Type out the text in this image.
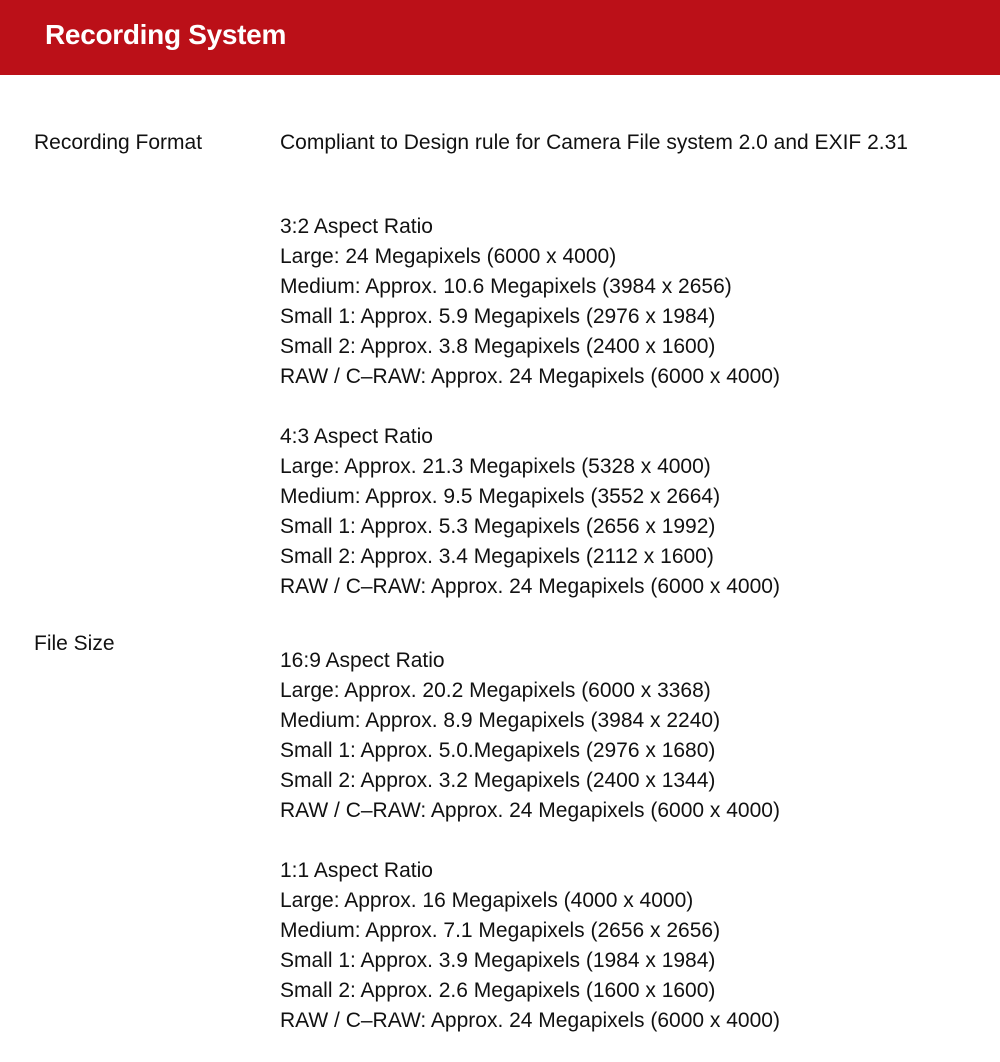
Recording System
Recording Format	Compliant to Design rule for Camera File system 2.0 and EXIF 2.31
File Size
3:2 Aspect Ratio
Large: 24 Megapixels (6000 x 4000)
Medium: Approx. 10.6 Megapixels (3984 x 2656)
Small 1: Approx. 5.9 Megapixels (2976 x 1984)
Small 2: Approx. 3.8 Megapixels (2400 x 1600)
RAW / C–RAW: Approx. 24 Megapixels (6000 x 4000)
4:3 Aspect Ratio
Large: Approx. 21.3 Megapixels (5328 x 4000)
Medium: Approx. 9.5 Megapixels (3552 x 2664)
Small 1: Approx. 5.3 Megapixels (2656 x 1992)
Small 2: Approx. 3.4 Megapixels (2112 x 1600)
RAW / C–RAW: Approx. 24 Megapixels (6000 x 4000)
16:9 Aspect Ratio
Large: Approx. 20.2 Megapixels (6000 x 3368)
Medium: Approx. 8.9 Megapixels (3984 x 2240)
Small 1: Approx. 5.0.Megapixels (2976 x 1680)
Small 2: Approx. 3.2 Megapixels (2400 x 1344)
RAW / C–RAW: Approx. 24 Megapixels (6000 x 4000)
1:1 Aspect Ratio
Large: Approx. 16 Megapixels (4000 x 4000)
Medium: Approx. 7.1 Megapixels (2656 x 2656)
Small 1: Approx. 3.9 Megapixels (1984 x 1984)
Small 2: Approx. 2.6 Megapixels (1600 x 1600)
RAW / C–RAW: Approx. 24 Megapixels (6000 x 4000)
